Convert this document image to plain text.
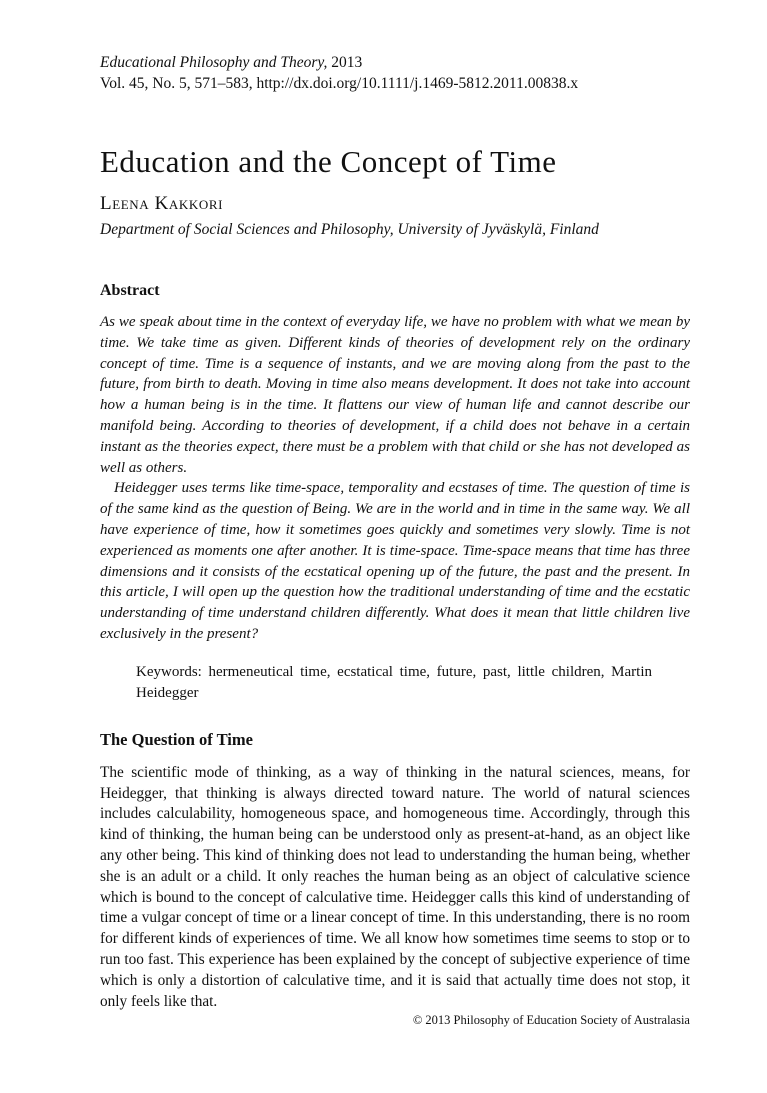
Educational Philosophy and Theory, 2013
Vol. 45, No. 5, 571–583, http://dx.doi.org/10.1111/j.1469-5812.2011.00838.x
Education and the Concept of Time
Leena Kakkori
Department of Social Sciences and Philosophy, University of Jyväskylä, Finland
Abstract

As we speak about time in the context of everyday life, we have no problem with what we mean by time. We take time as given. Different kinds of theories of development rely on the ordinary concept of time. Time is a sequence of instants, and we are moving along from the past to the future, from birth to death. Moving in time also means development. It does not take into account how a human being is in the time. It flattens our view of human life and cannot describe our manifold being. According to theories of development, if a child does not behave in a certain instant as the theories expect, there must be a problem with that child or she has not developed as well as others.

Heidegger uses terms like time-space, temporality and ecstases of time. The question of time is of the same kind as the question of Being. We are in the world and in time in the same way. We all have experience of time, how it sometimes goes quickly and sometimes very slowly. Time is not experienced as moments one after another. It is time-space. Time-space means that time has three dimensions and it consists of the ecstatical opening up of the future, the past and the present. In this article, I will open up the question how the traditional understanding of time and the ecstatic understanding of time understand children differently. What does it mean that little children live exclusively in the present?

Keywords: hermeneutical time, ecstatical time, future, past, little children, Martin Heidegger
The Question of Time

The scientific mode of thinking, as a way of thinking in the natural sciences, means, for Heidegger, that thinking is always directed toward nature. The world of natural sciences includes calculability, homogeneous space, and homogeneous time. Accordingly, through this kind of thinking, the human being can be understood only as present-at-hand, as an object like any other being. This kind of thinking does not lead to understanding the human being, whether she is an adult or a child. It only reaches the human being as an object of calculative science which is bound to the concept of calculative time. Heidegger calls this kind of understanding of time a vulgar concept of time or a linear concept of time. In this understanding, there is no room for different kinds of experiences of time. We all know how sometimes time seems to stop or to run too fast. This experience has been explained by the concept of subjective experience of time which is only a distortion of calculative time, and it is said that actually time does not stop, it only feels like that.

© 2013 Philosophy of Education Society of Australasia
